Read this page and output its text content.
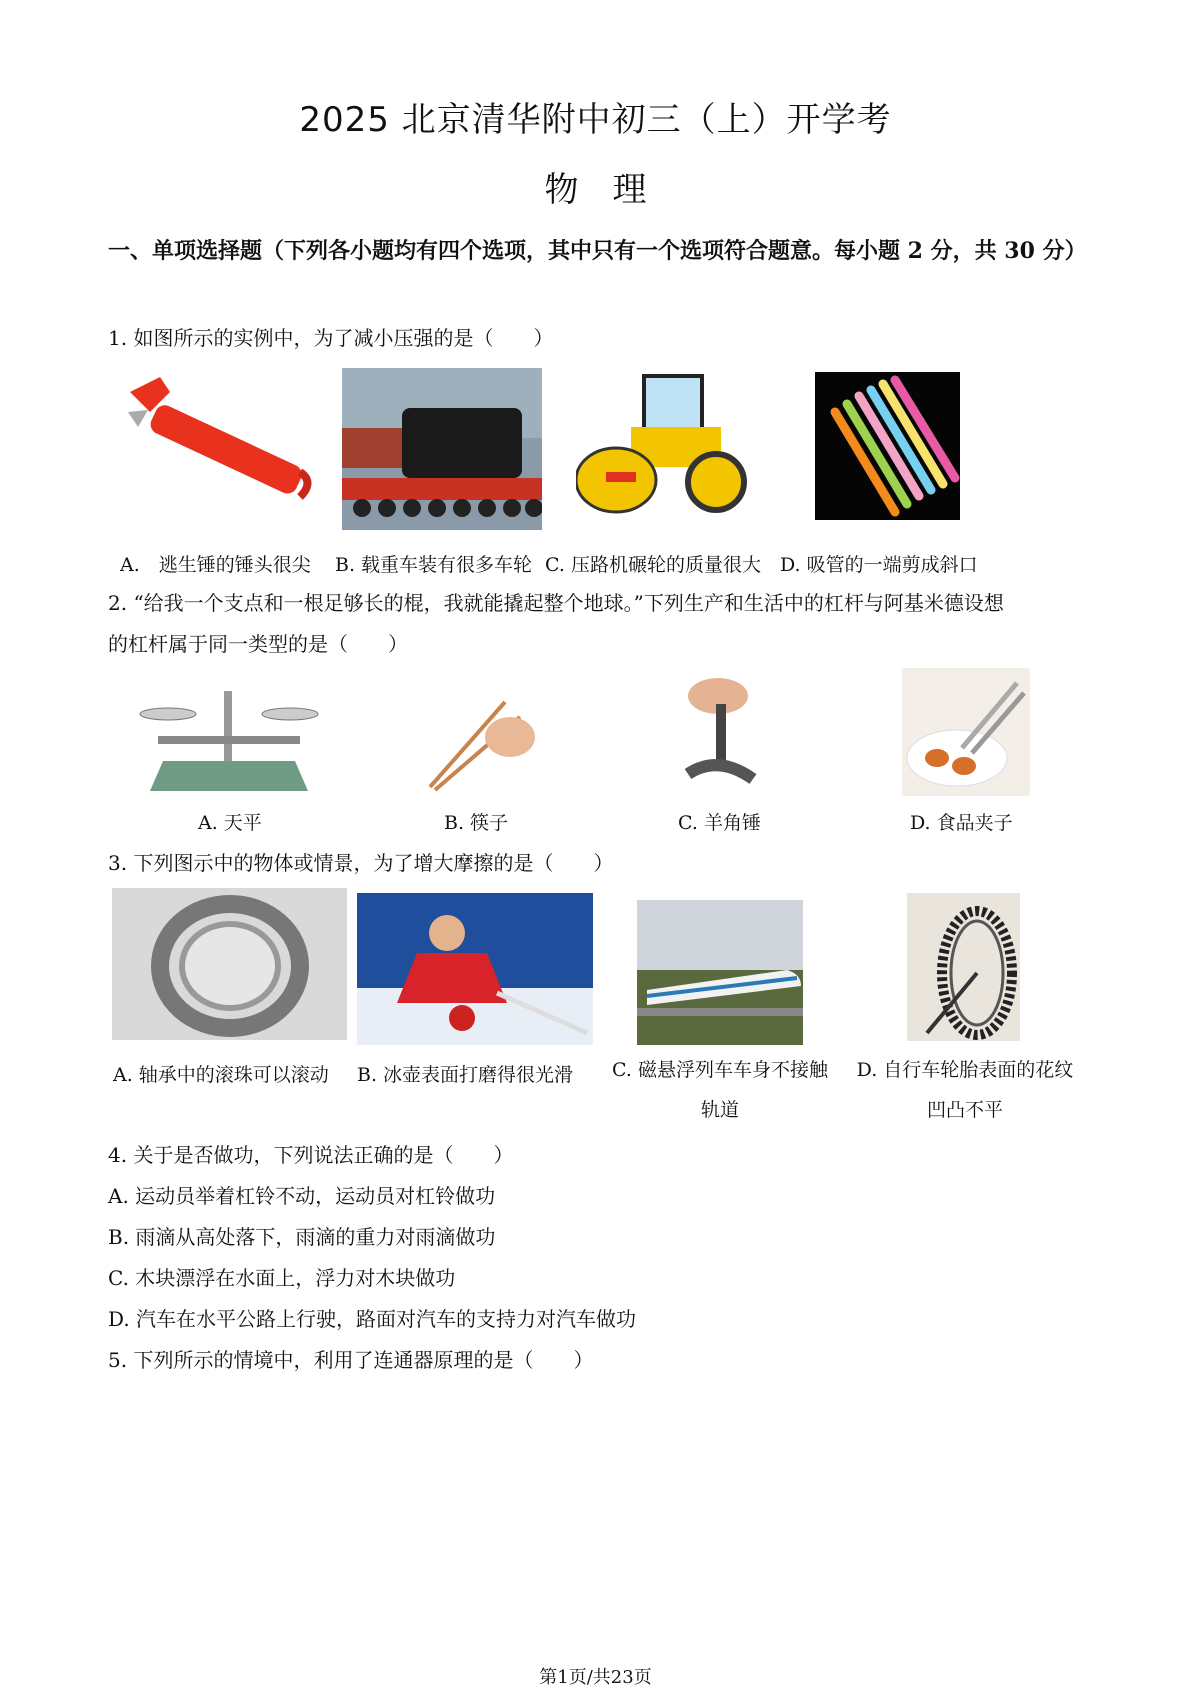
2025 北京清华附中初三（上）开学考
物　理
一、单项选择题（下列各小题均有四个选项，其中只有一个选项符合题意。每小题 2 分，共 30 分）
1. 如图所示的实例中，为了减小压强的是（　　）
A.　逃生锤的锤头很尖 B. 载重车装有很多车轮 C. 压路机碾轮的质量很大 D. 吸管的一端剪成斜口
2. “给我一个支点和一根足够长的棍，我就能撬起整个地球。”下列生产和生活中的杠杆与阿基米德设想
的杠杆属于同一类型的是（　　）
A. 天平	B. 筷子	C. 羊角锤	D. 食品夹子
3. 下列图示中的物体或情景，为了增大摩擦的是（　　）
A. 轴承中的滚珠可以滚动 B. 冰壶表面打磨得很光滑	C. 磁悬浮列车车身不接触
轨道
D. 自行车轮胎表面的花纹
凹凸不平
4. 关于是否做功，下列说法正确的是（　　）
A. 运动员举着杠铃不动，运动员对杠铃做功
B. 雨滴从高处落下，雨滴的重力对雨滴做功
C. 木块漂浮在水面上，浮力对木块做功
D. 汽车在水平公路上行驶，路面对汽车的支持力对汽车做功
5. 下列所示的情境中，利用了连通器原理的是（　　）
第1页/共23页
